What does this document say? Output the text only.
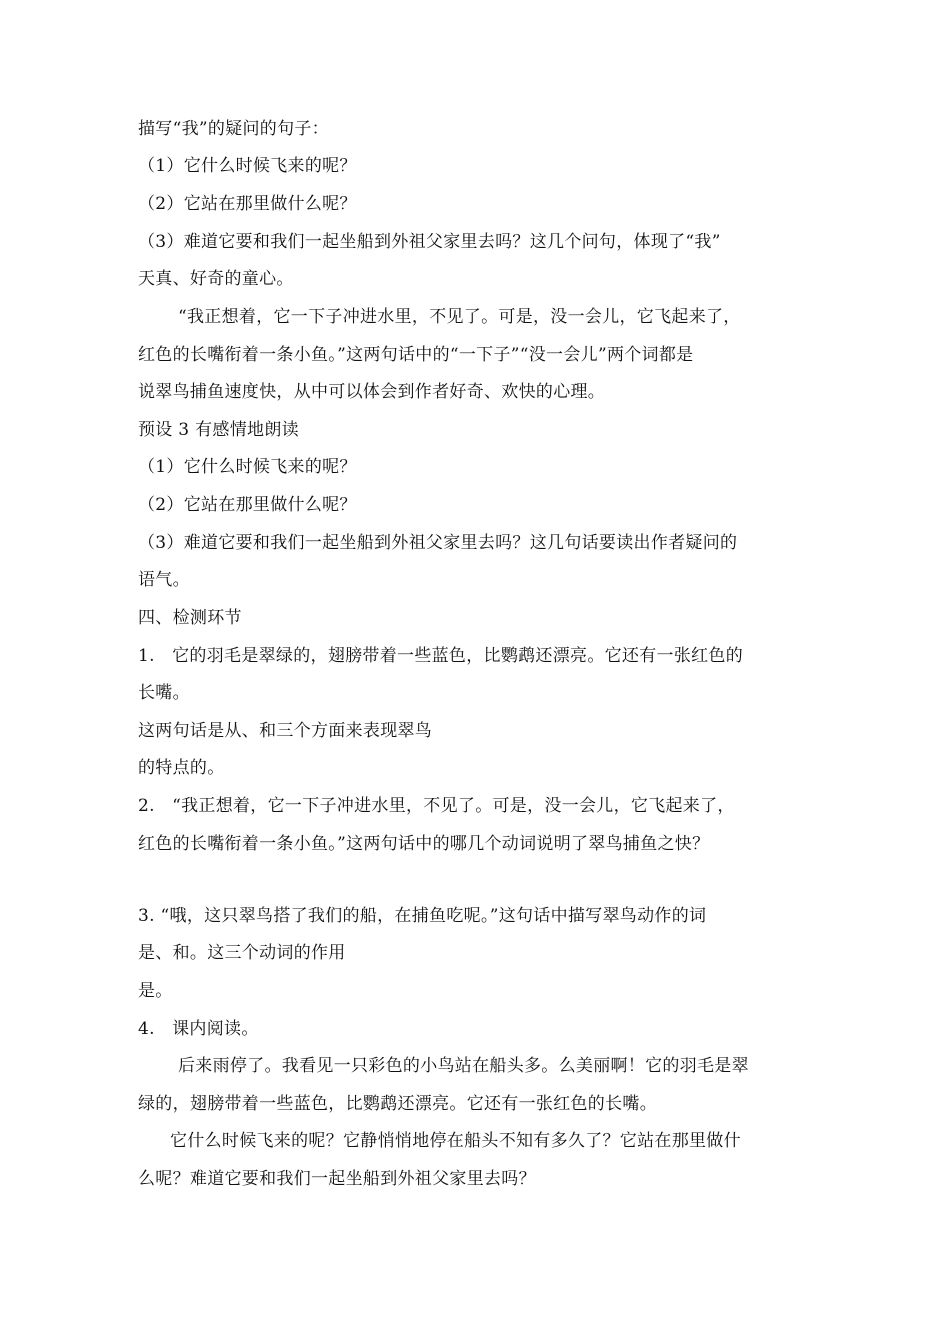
描写“我”的疑问的句子：
（1）它什么时候飞来的呢？
（2）它站在那里做什么呢？
（3）难道它要和我们一起坐船到外祖父家里去吗？这几个问句，体现了“我”
天真、好奇的童心。
“我正想着，它一下子冲进水里，不见了。可是，没一会儿，它飞起来了，
红色的长嘴衔着一条小鱼。”这两句话中的“一下子”“没一会儿”两个词都是
说翠鸟捕鱼速度快，从中可以体会到作者好奇、欢快的心理。
预设 3 有感情地朗读
（1）它什么时候飞来的呢？
（2）它站在那里做什么呢？
（3）难道它要和我们一起坐船到外祖父家里去吗？这几句话要读出作者疑问的
语气。
四、检测环节
1.　它的羽毛是翠绿的，翅膀带着一些蓝色，比鹦鹉还漂亮。它还有一张红色的
长嘴。
这两句话是从、和三个方面来表现翠鸟
的特点的。
2.　“我正想着，它一下子冲进水里，不见了。可是，没一会儿，它飞起来了，
红色的长嘴衔着一条小鱼。”这两句话中的哪几个动词说明了翠鸟捕鱼之快？
3. “哦，这只翠鸟搭了我们的船，在捕鱼吃呢。”这句话中描写翠鸟动作的词
是、和。这三个动词的作用
是。
4.　课内阅读。
后来雨停了。我看见一只彩色的小鸟站在船头多。么美丽啊！它的羽毛是翠
绿的，翅膀带着一些蓝色，比鹦鹉还漂亮。它还有一张红色的长嘴。
它什么时候飞来的呢？它静悄悄地停在船头不知有多久了？它站在那里做什
么呢？难道它要和我们一起坐船到外祖父家里去吗？
